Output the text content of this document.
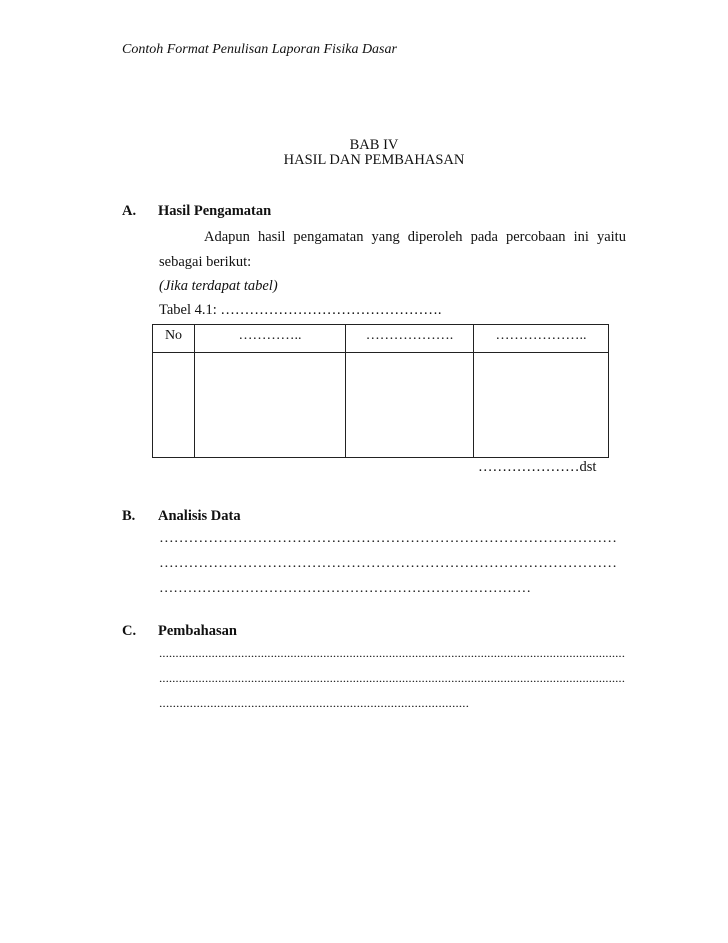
Contoh Format Penulisan Laporan Fisika Dasar
BAB IV
HASIL DAN PEMBAHASAN
A. Hasil Pengamatan
Adapun hasil pengamatan yang diperoleh pada percobaan ini yaitu
sebagai berikut:
(Jika terdapat tabel)
Tabel 4.1: ……………………………………….
No	…………..	……………….	………………..

…………………dst
B. Analisis Data
…………………………………………………………………………………
…………………………………………………………………………………
……………………………………………………………………
C. Pembahasan
..............................................................................................................................................
..............................................................................................................................................
...........................................................................................
